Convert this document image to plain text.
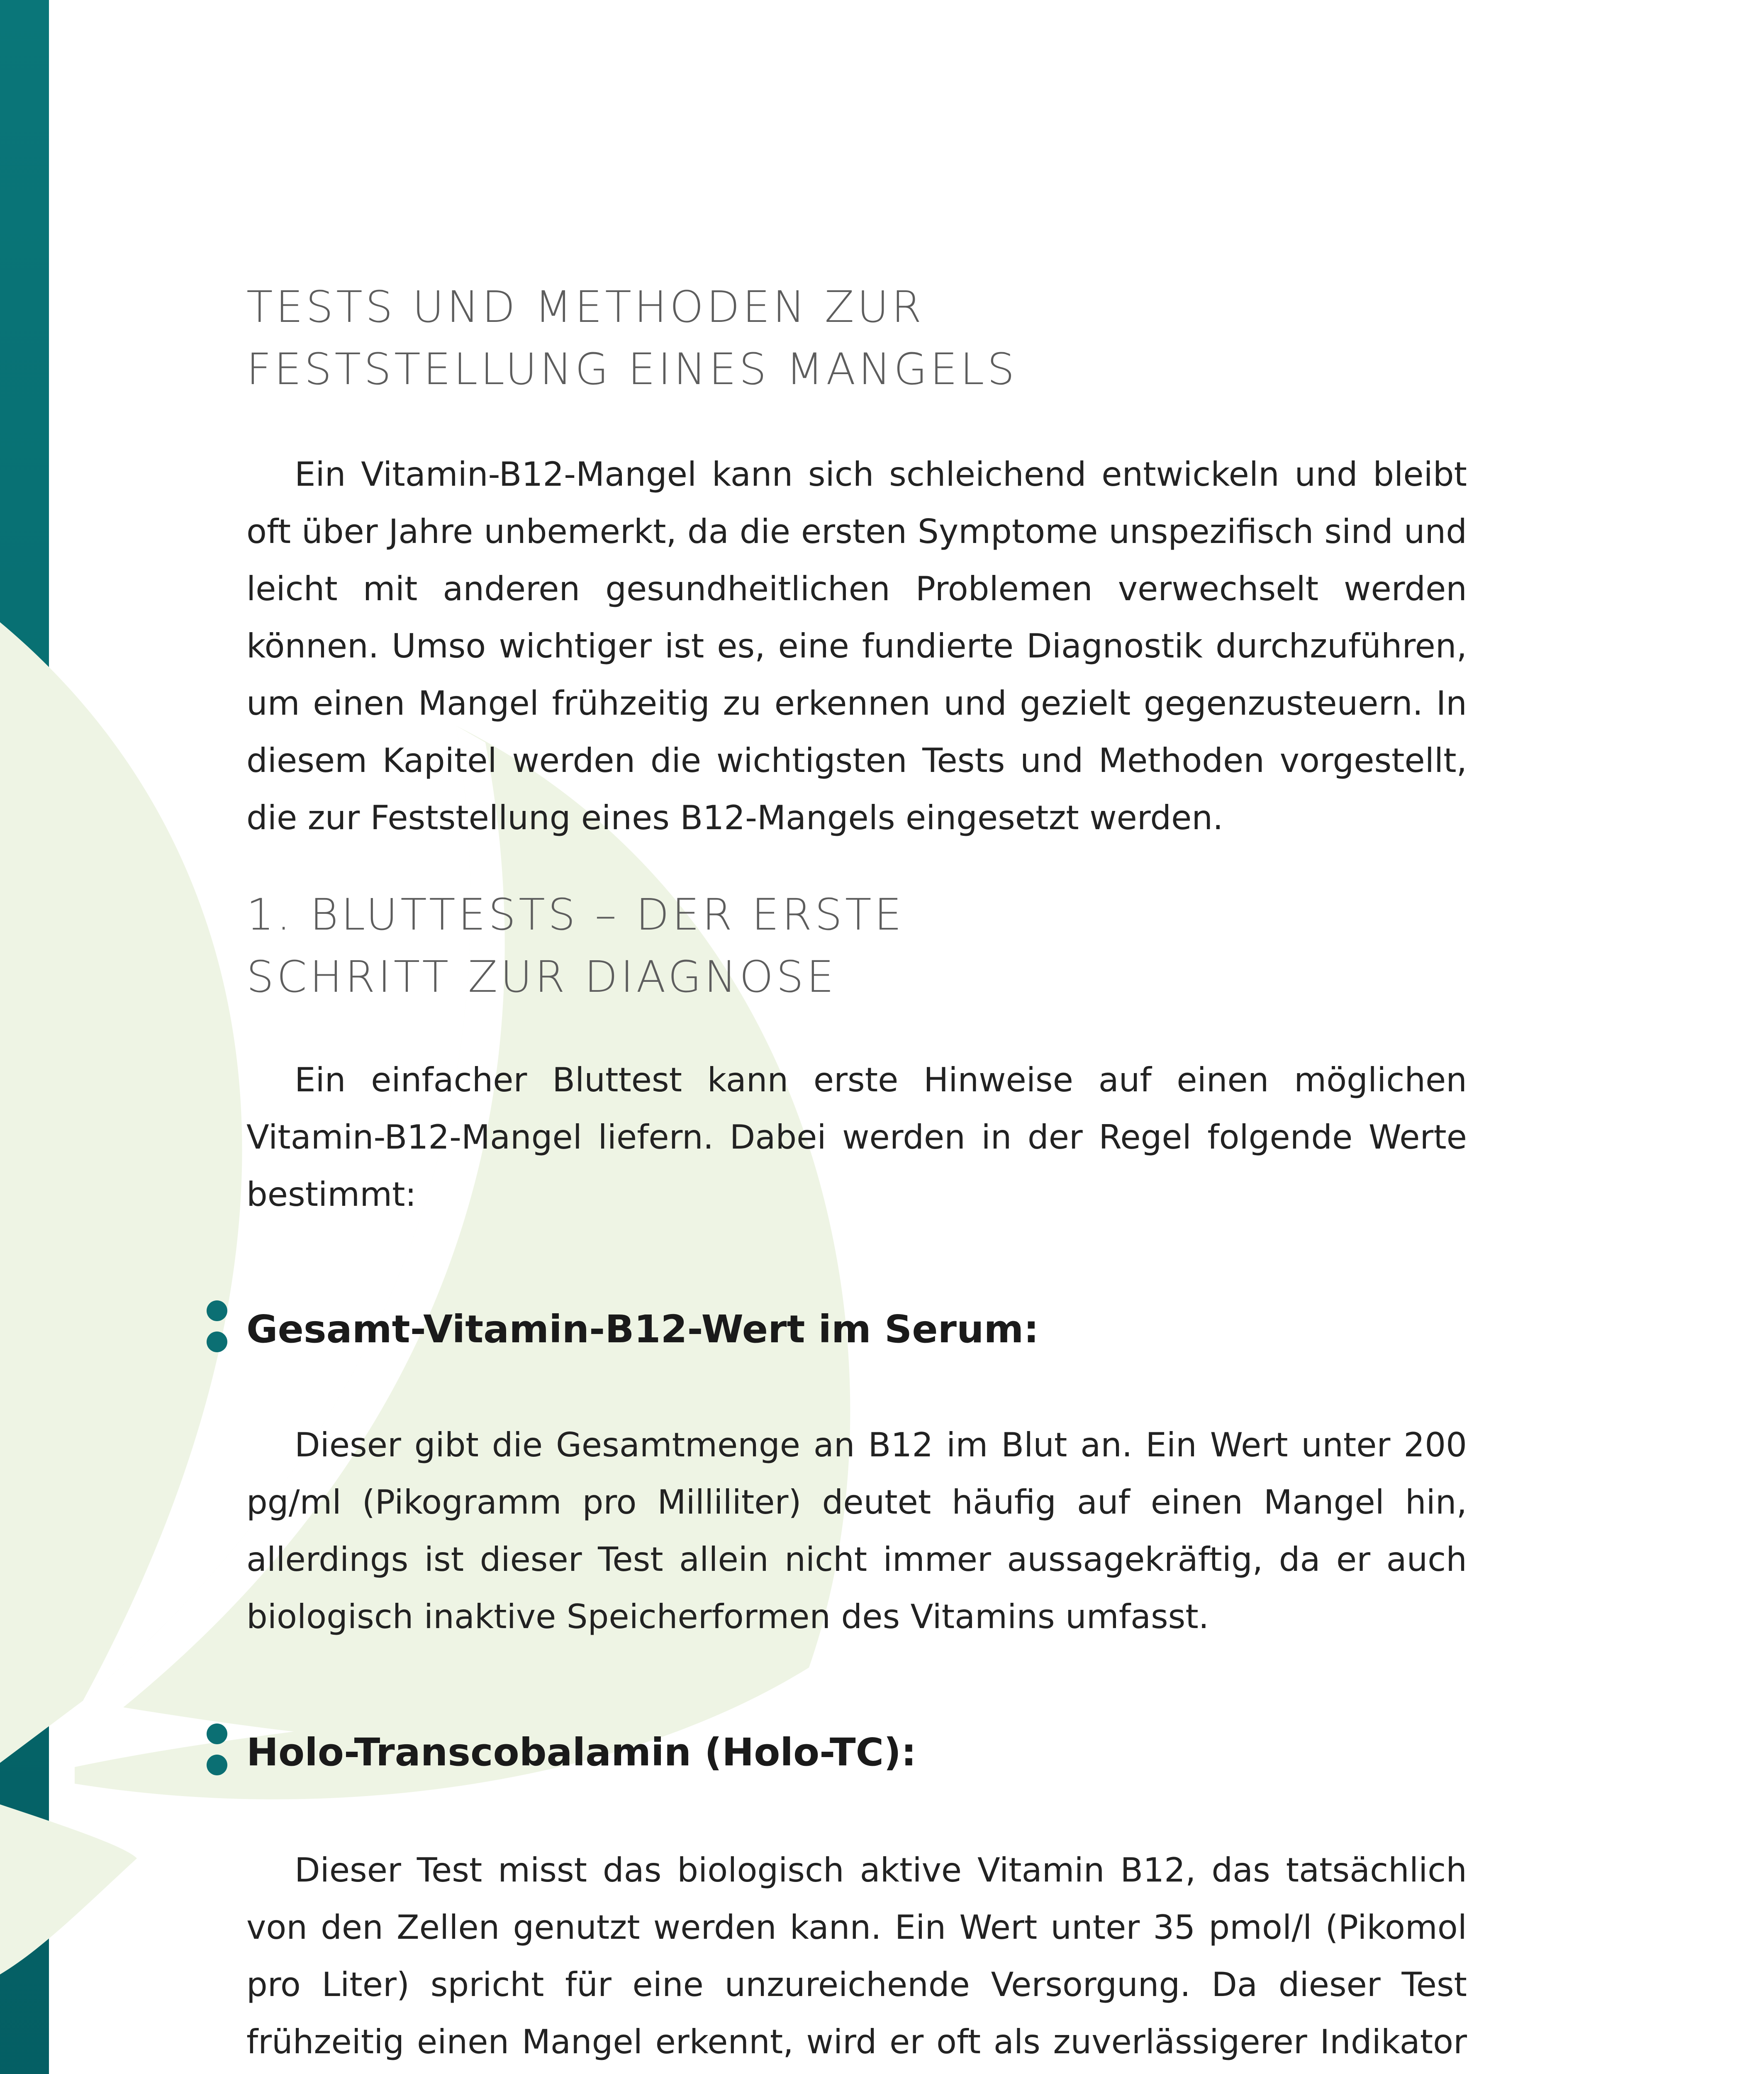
TESTS UND METHODEN ZUR
FESTSTELLUNG EINES MANGELS

Ein Vitamin-B12-Mangel kann sich schleichend entwickeln und bleibt oft über Jahre unbemerkt, da die ersten Symptome unspezifisch sind und leicht mit anderen gesundheitlichen Problemen verwechselt werden können. Umso wichtiger ist es, eine fundierte Diagnostik durchzuführen, um einen Mangel frühzeitig zu erkennen und gezielt gegenzusteuern. In diesem Kapitel werden die wichtigsten Tests und Methoden vorgestellt, die zur Feststellung eines B12-Mangels eingesetzt werden.

1. BLUTTESTS – DER ERSTE
SCHRITT ZUR DIAGNOSE

Ein einfacher Bluttest kann erste Hinweise auf einen möglichen Vitamin-B12-Mangel liefern. Dabei werden in der Regel folgende Werte bestimmt:

Gesamt-Vitamin-B12-Wert im Serum:

Dieser gibt die Gesamtmenge an B12 im Blut an. Ein Wert unter 200 pg/ml (Pikogramm pro Milliliter) deutet häufig auf einen Mangel hin, allerdings ist dieser Test allein nicht immer aussagekräftig, da er auch biologisch inaktive Speicherformen des Vitamins umfasst.

Holo-Transcobalamin (Holo-TC):

Dieser Test misst das biologisch aktive Vitamin B12, das tatsächlich von den Zellen genutzt werden kann. Ein Wert unter 35 pmol/l (Pikomol pro Liter) spricht für eine unzureichende Versorgung. Da dieser Test frühzeitig einen Mangel erkennt, wird er oft als zuverlässigerer Indikator
